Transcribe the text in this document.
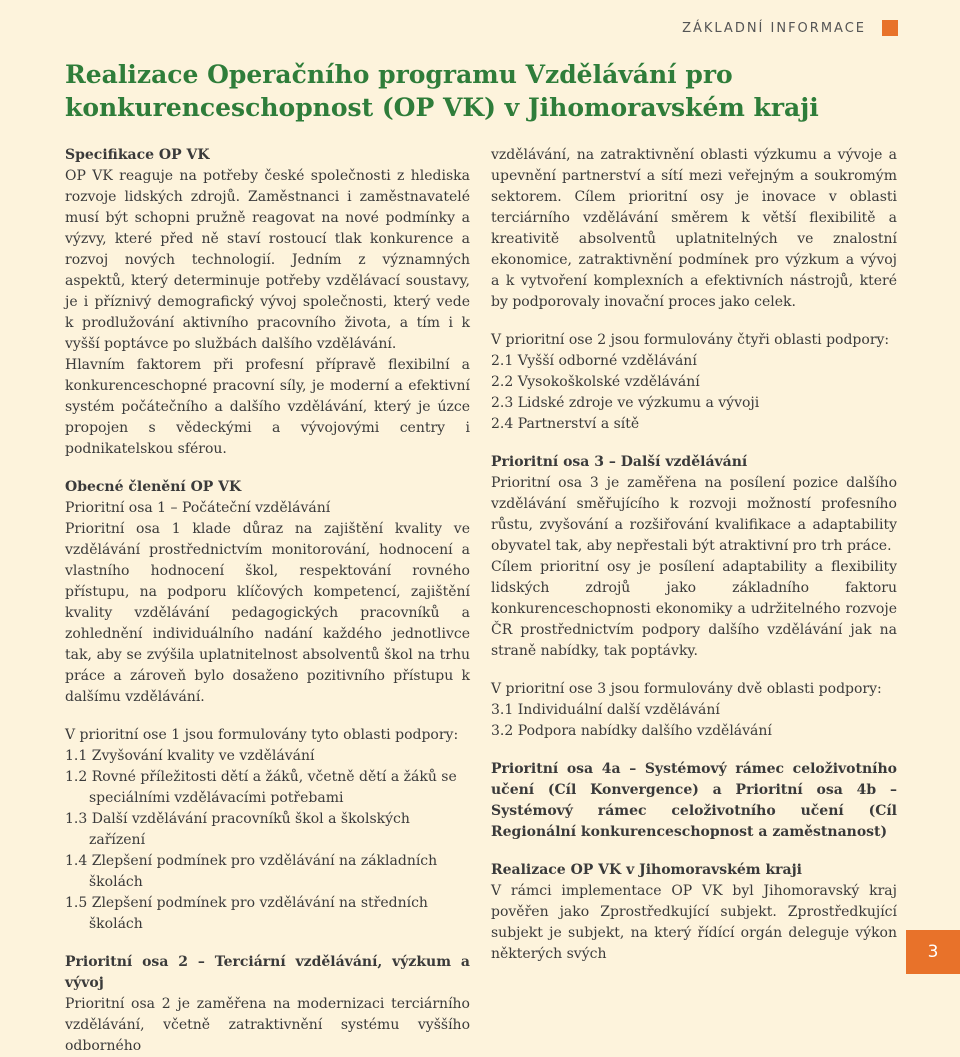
ZÁKLADNÍ INFORMACE
Realizace Operačního programu Vzdělávání pro konkurenceschopnost (OP VK) v Jihomoravském kraji

Specifikace OP VK

OP VK reaguje na potřeby české společnosti z hlediska rozvoje lidských zdrojů. Zaměstnanci i zaměstnavatelé musí být schopni pružně reagovat na nové podmínky a výzvy, které před ně staví rostoucí tlak konkurence a rozvoj nových technologií. Jedním z významných aspektů, který determinuje potřeby vzdělávací soustavy, je i příznivý demografický vývoj společnosti, který vede k prodlužování aktivního pracovního života, a tím i k vyšší poptávce po službách dalšího vzdělávání.

Hlavním faktorem při profesní přípravě flexibilní a konkurenceschopné pracovní síly, je moderní a efektivní systém počátečního a dalšího vzdělávání, který je úzce propojen s vědeckými a vývojovými centry i podnikatelskou sférou.

Obecné členění OP VK

Prioritní osa 1 – Počáteční vzdělávání

Prioritní osa 1 klade důraz na zajištění kvality ve vzdělávání prostřednictvím monitorování, hodnocení a vlastního hodnocení škol, respektování rovného přístupu, na podporu klíčových kompetencí, zajištění kvality vzdělávání pedagogických pracovníků a zohlednění individuálního nadání každého jednotlivce tak, aby se zvýšila uplatnitelnost absolventů škol na trhu práce a zároveň bylo dosaženo pozitivního přístupu k dalšímu vzdělávání.

V prioritní ose 1 jsou formulovány tyto oblasti podpory:

1.1 Zvyšování kvality ve vzdělávání
1.2 Rovné příležitosti dětí a žáků, včetně dětí a žáků se speciálními vzdělávacími potřebami
1.3 Další vzdělávání pracovníků škol a školských zařízení
1.4 Zlepšení podmínek pro vzdělávání na základních školách
1.5 Zlepšení podmínek pro vzdělávání na středních školách

Prioritní osa 2 – Terciární vzdělávání, výzkum a vývoj

Prioritní osa 2 je zaměřena na modernizaci terciárního vzdělávání, včetně zatraktivnění systému vyššího odborného

vzdělávání, na zatraktivnění oblasti výzkumu a vývoje a upevnění partnerství a sítí mezi veřejným a soukromým sektorem. Cílem prioritní osy je inovace v oblasti terciárního vzdělávání směrem k větší flexibilitě a kreativitě absolventů uplatnitelných ve znalostní ekonomice, zatraktivnění podmínek pro výzkum a vývoj a k vytvoření komplexních a efektivních nástrojů, které by podporovaly inovační proces jako celek.

V prioritní ose 2 jsou formulovány čtyři oblasti podpory:

2.1 Vyšší odborné vzdělávání
2.2 Vysokoškolské vzdělávání
2.3 Lidské zdroje ve výzkumu a vývoji
2.4 Partnerství a sítě

Prioritní osa 3 – Další vzdělávání

Prioritní osa 3 je zaměřena na posílení pozice dalšího vzdělávání směřujícího k rozvoji možností profesního růstu, zvyšování a rozšiřování kvalifikace a adaptability obyvatel tak, aby nepřestali být atraktivní pro trh práce.

Cílem prioritní osy je posílení adaptability a flexibility lidských zdrojů jako základního faktoru konkurenceschopnosti ekonomiky a udržitelného rozvoje ČR prostřednictvím podpory dalšího vzdělávání jak na straně nabídky, tak poptávky.

V prioritní ose 3 jsou formulovány dvě oblasti podpory:

3.1 Individuální další vzdělávání
3.2 Podpora nabídky dalšího vzdělávání

Prioritní osa 4a – Systémový rámec celoživotního učení (Cíl Konvergence) a Prioritní osa 4b – Systémový rámec celoživotního učení (Cíl Regionální konkurenceschopnost a zaměstnanost)

Realizace OP VK v Jihomoravském kraji

V rámci implementace OP VK byl Jihomoravský kraj pověřen jako Zprostředkující subjekt. Zprostředkující subjekt je subjekt, na který řídící orgán deleguje výkon některých svých	3
